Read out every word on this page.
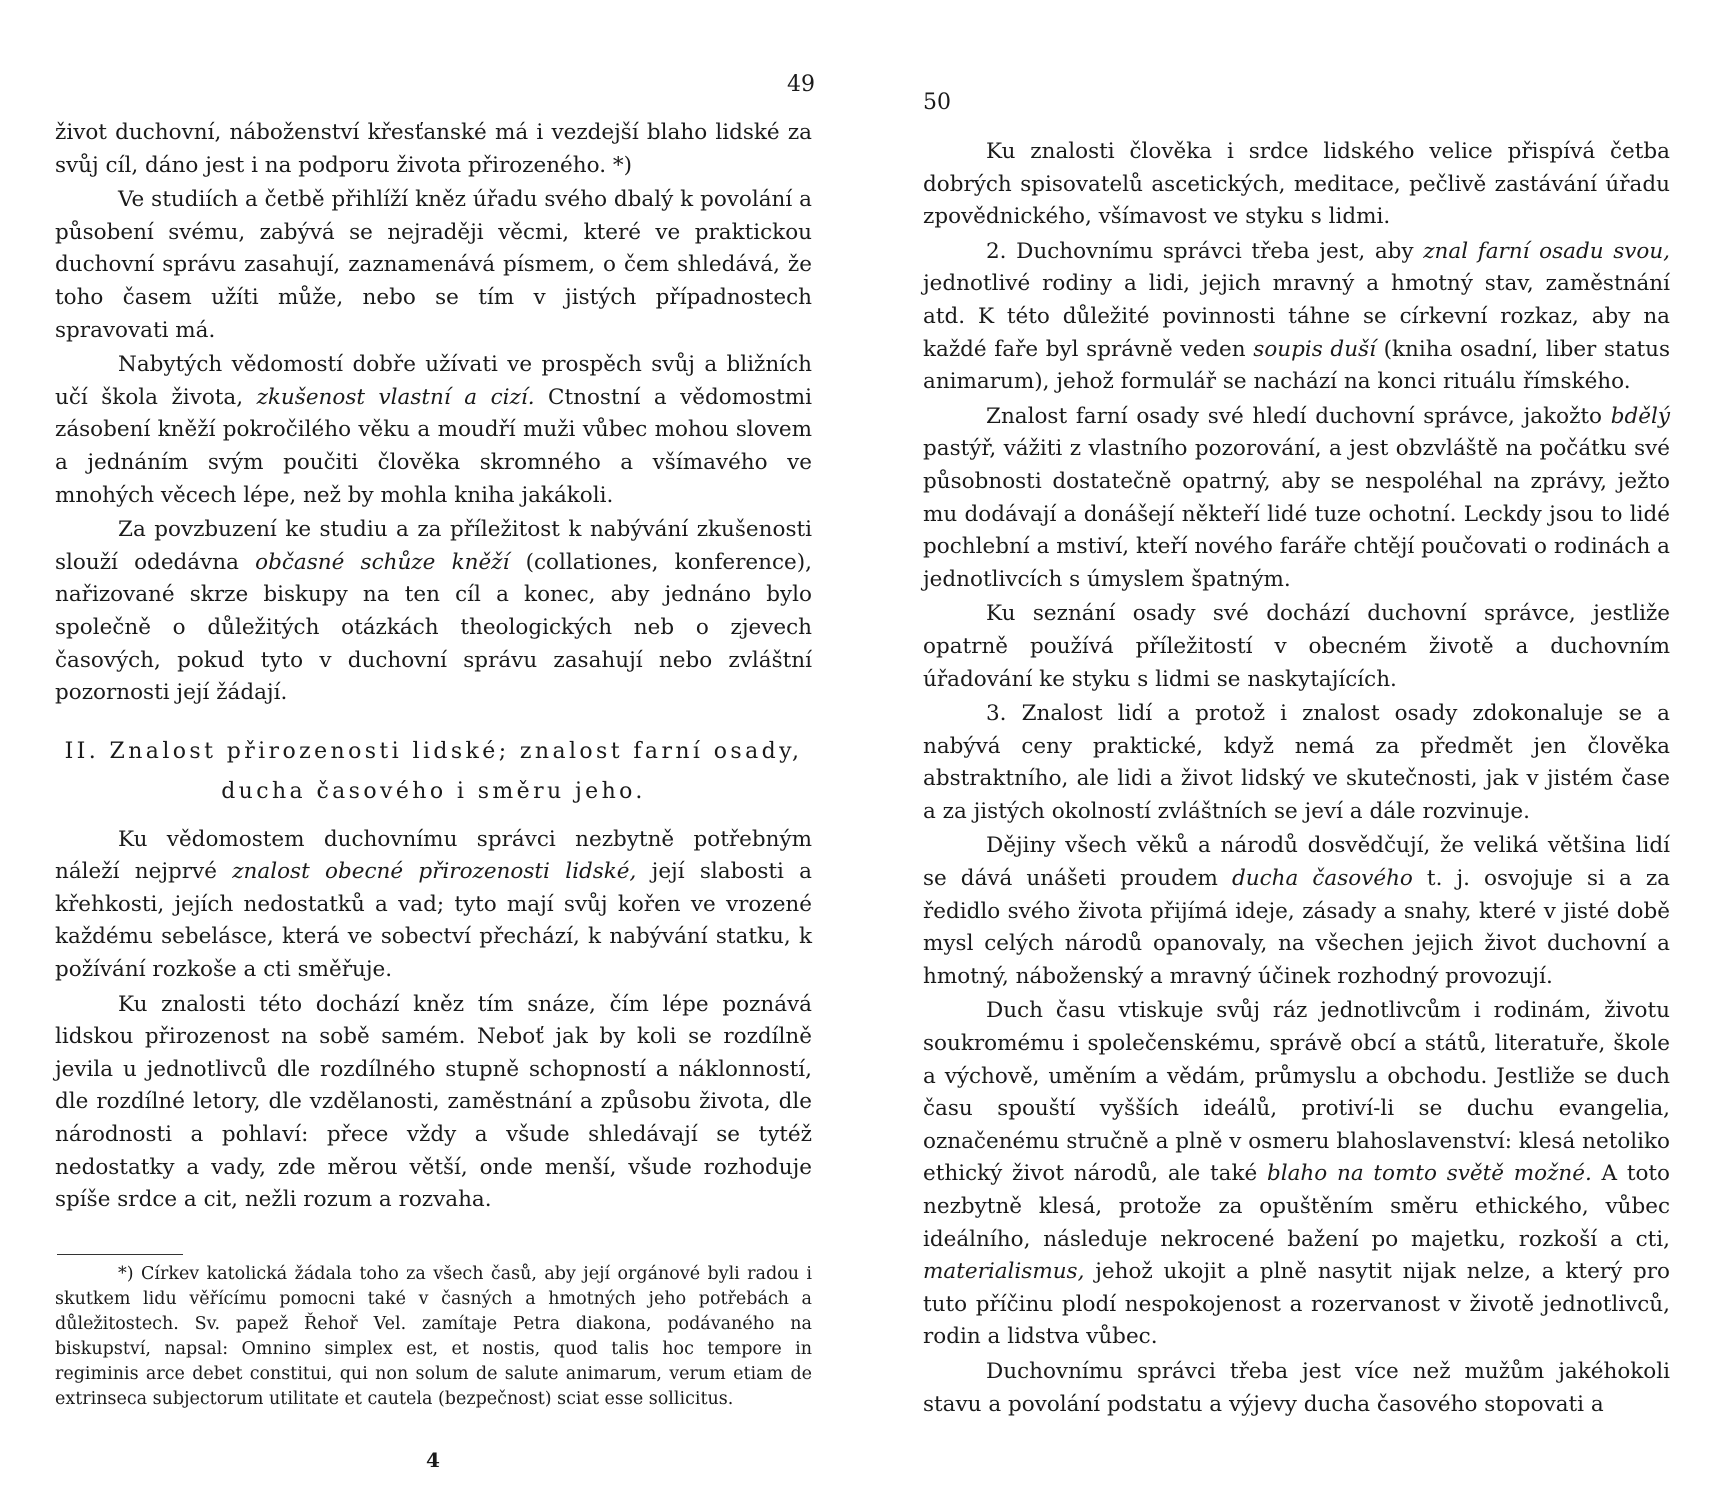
49

život duchovní, náboženství křesťanské má i vezdejší blaho lidské za svůj cíl, dáno jest i na podporu života přirozeného. *)

Ve studiích a četbě přihlíží kněz úřadu svého dbalý k povolání a působení svému, zabývá se nejraději věcmi, které ve praktickou duchovní správu zasahují, zaznamenává písmem, o čem shledává, že toho časem užíti může, nebo se tím v jistých případnostech spravovati má.

Nabytých vědomostí dobře užívati ve prospěch svůj a bližních učí škola života, zkušenost vlastní a cizí. Ctnostní a vědomostmi zásobení kněží pokročilého věku a moudří muži vůbec mohou slovem a jednáním svým poučiti člověka skromného a všímavého ve mnohých věcech lépe, než by mohla kniha jakákoli.

Za povzbuzení ke studiu a za příležitost k nabývání zkušenosti slouží odedávna občasné schůze kněží (collationes, konference), nařizované skrze biskupy na ten cíl a konec, aby jednáno bylo společně o důležitých otázkách theologických neb o zjevech časových, pokud tyto v duchovní správu zasahují nebo zvláštní pozornosti její žádají.

II. Znalost přirozenosti lidské; znalost farní osady,
ducha časového i směru jeho.

Ku vědomostem duchovnímu správci nezbytně potřebným náleží nejprvé znalost obecné přirozenosti lidské, její slabosti a křehkosti, jejích nedostatků a vad; tyto mají svůj kořen ve vrozené každému sebelásce, která ve sobectví přechází, k nabývání statku, k požívání rozkoše a cti směřuje.

Ku znalosti této dochází kněz tím snáze, čím lépe poznává lidskou přirozenost na sobě samém. Neboť jak by koli se rozdílně jevila u jednotlivců dle rozdílného stupně schopností a náklonností, dle rozdílné letory, dle vzdělanosti, zaměstnání a způsobu života, dle národnosti a pohlaví: přece vždy a všude shledávají se tytéž nedostatky a vady, zde měrou větší, onde menší, všude rozhoduje spíše srdce a cit, nežli rozum a rozvaha.

*) Církev katolická žádala toho za všech časů, aby její orgánové byli radou i skutkem lidu věřícímu pomocni také v časných a hmotných jeho potřebách a důležitostech. Sv. papež Řehoř Vel. zamítaje Petra diakona, podávaného na biskupství, napsal: Omnino simplex est, et nostis, quod talis hoc tempore in regiminis arce debet constitui, qui non solum de salute animarum, verum etiam de extrinseca subjectorum utilitate et cautela (bezpečnost) sciat esse sollicitus.

4
50

Ku znalosti člověka i srdce lidského velice přispívá četba dobrých spisovatelů ascetických, meditace, pečlivě zastávání úřadu zpovědnického, všímavost ve styku s lidmi.

2. Duchovnímu správci třeba jest, aby znal farní osadu svou, jednotlivé rodiny a lidi, jejich mravný a hmotný stav, zaměstnání atd. K této důležité povinnosti táhne se církevní rozkaz, aby na každé faře byl správně veden soupis duší (kniha osadní, liber status animarum), jehož formulář se nachází na konci rituálu římského.

Znalost farní osady své hledí duchovní správce, jakožto bdělý pastýř, vážiti z vlastního pozorování, a jest obzvláště na počátku své působnosti dostatečně opatrný, aby se nespoléhal na zprávy, ježto mu dodávají a donášejí někteří lidé tuze ochotní. Leckdy jsou to lidé pochlební a mstiví, kteří nového faráře chtějí poučovati o rodinách a jednotlivcích s úmyslem špatným.

Ku seznání osady své dochází duchovní správce, jestliže opatrně používá příležitostí v obecném životě a duchovním úřadování ke styku s lidmi se naskytajících.

3. Znalost lidí a protož i znalost osady zdokonaluje se a nabývá ceny praktické, když nemá za předmět jen člověka abstraktního, ale lidi a život lidský ve skutečnosti, jak v jistém čase a za jistých okolností zvláštních se jeví a dále rozvinuje.

Dějiny všech věků a národů dosvědčují, že veliká většina lidí se dává unášeti proudem ducha časového t. j. osvojuje si a za ředidlo svého života přijímá ideje, zásady a snahy, které v jisté době mysl celých národů opanovaly, na všechen jejich život duchovní a hmotný, náboženský a mravný účinek rozhodný provozují.

Duch času vtiskuje svůj ráz jednotlivcům i rodinám, životu soukromému i společenskému, správě obcí a států, literatuře, škole a výchově, uměním a vědám, průmyslu a obchodu. Jestliže se duch času spouští vyšších ideálů, protiví-li se duchu evangelia, označenému stručně a plně v osmeru blahoslavenství: klesá netoliko ethický život národů, ale také blaho na tomto světě možné. A toto nezbytně klesá, protože za opuštěním směru ethického, vůbec ideálního, následuje nekrocené bažení po majetku, rozkoší a cti, materialismus, jehož ukojit a plně nasytit nijak nelze, a který pro tuto příčinu plodí nespokojenost a rozervanost v životě jednotlivců, rodin a lidstva vůbec.

Duchovnímu správci třeba jest více než mužům jakéhokoli stavu a povolání podstatu a výjevy ducha časového stopovati a
